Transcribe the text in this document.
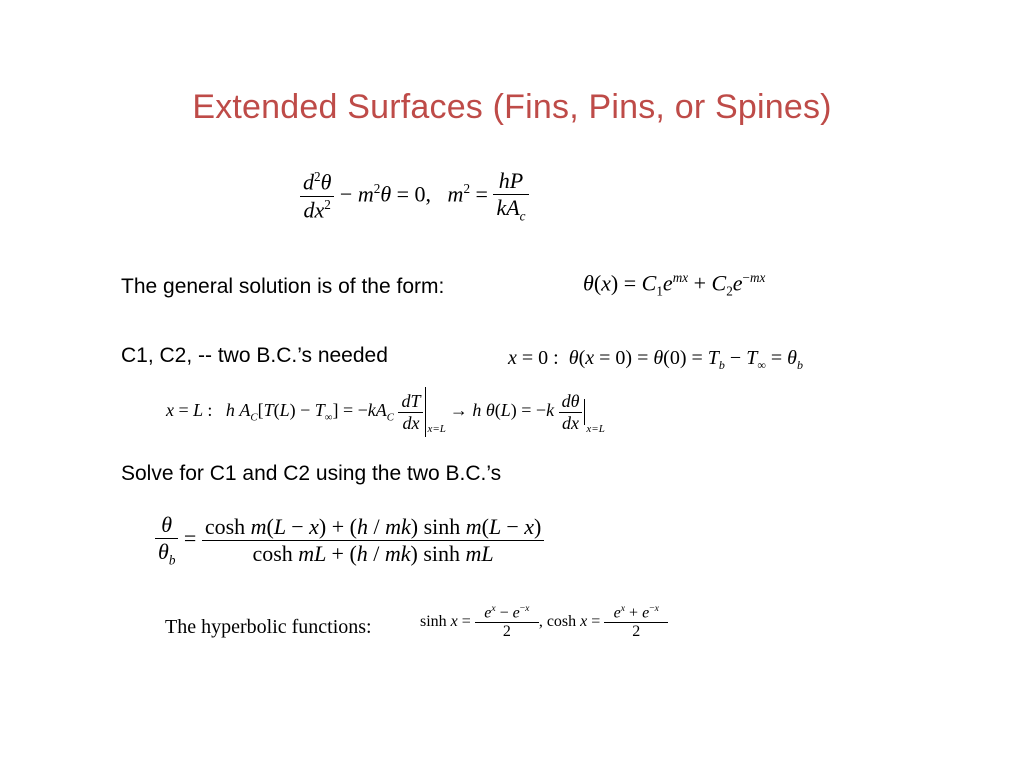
Extended Surfaces (Fins, Pins, or Spines)
$\frac{d^2\theta}{dx^2} - m^2\theta = 0$,   $m^2 = \frac{hP}{kA_c}$
The general solution is of the form:	$\theta(x) = C_1e^{mx} + C_2e^{-mx}$
C1, C2, -- two B.C.’s needed	x = 0 :  $\theta(x = 0) = \theta(0) = T_b - T_\infty = \theta_b$
x = L :   h $A_C[T(L) - T_\infty] = -kA_C \frac{dT}{dx} x=L\to h$ $\theta(L) = -k \frac{d\theta}{dx} x=L$
Solve for C1 and C2 using the two B.C.’s
$\frac{\theta}{\theta_b} = \frac{\text{cosh m(L − x) + (h / mk) sinh m(L − x)}}{\text{cosh mL + (h / mk) sinh mL}}$
The hyperbolic functions:	$\sinh x = \frac{e^x - e^{-x}}{2}$ , $\cosh x = \frac{e^x + e^{-x}}{2}$
